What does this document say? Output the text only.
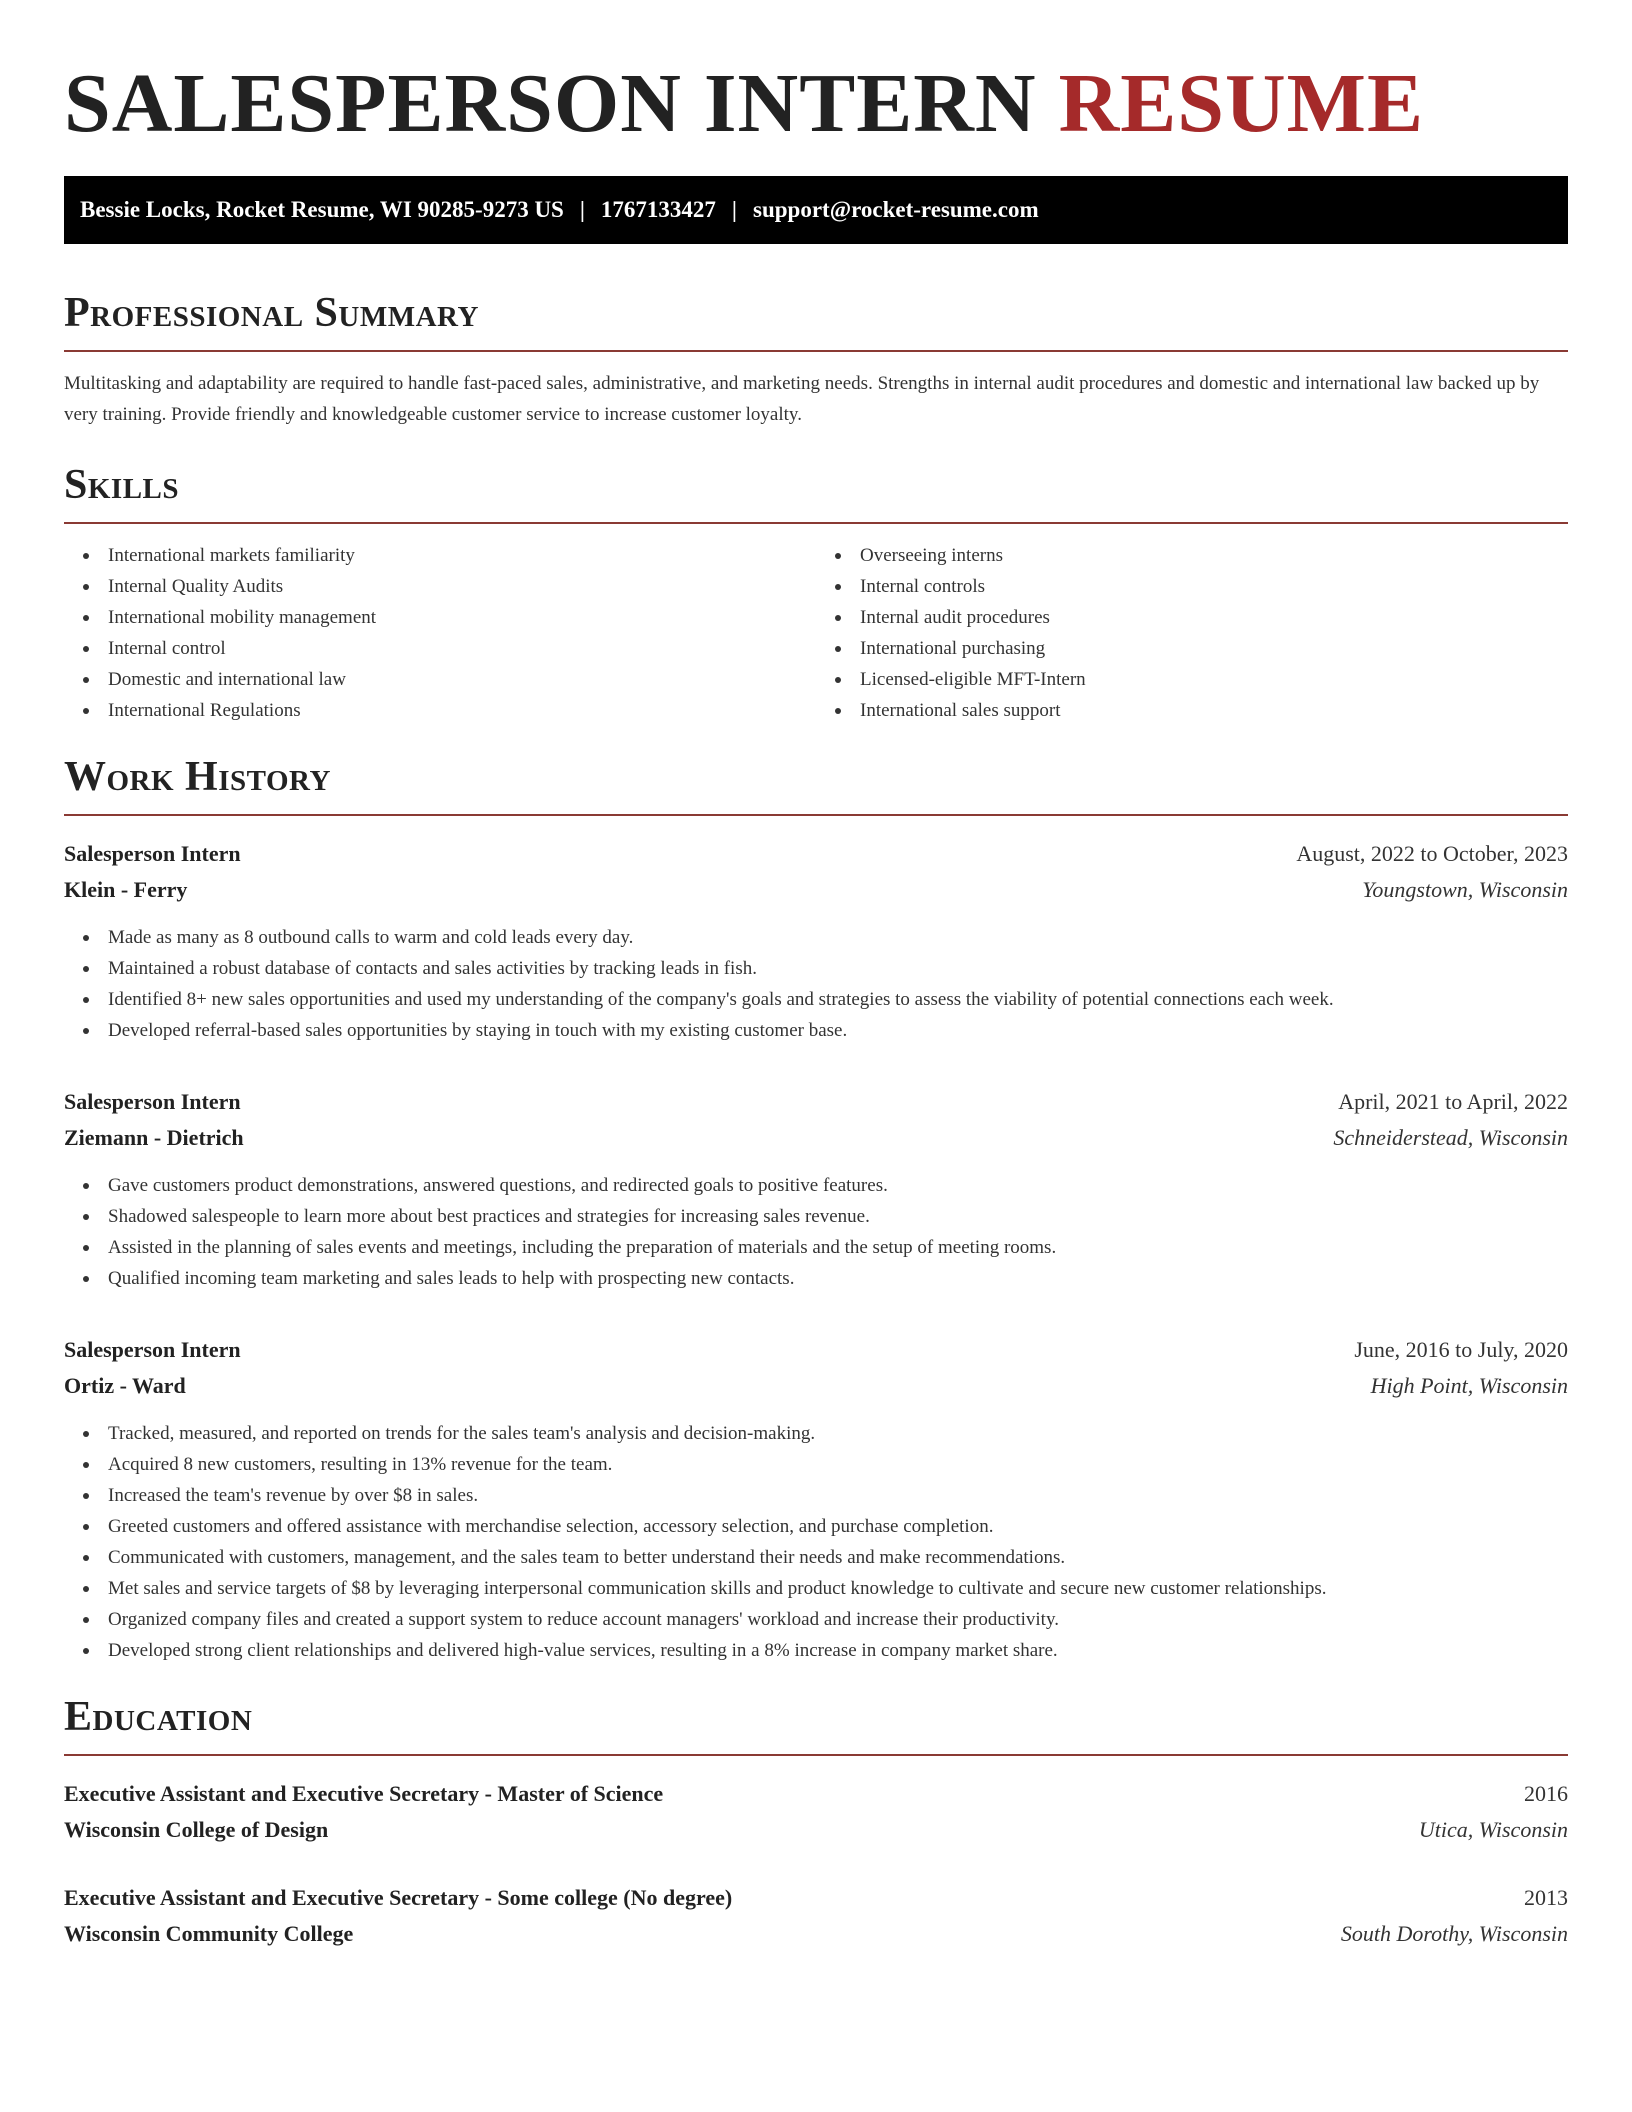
SALESPERSON INTERN RESUME
Bessie Locks, Rocket Resume, WI 90285-9273 US | 1767133427 | support@rocket-resume.com
Professional Summary

Multitasking and adaptability are required to handle fast-paced sales, administrative, and marketing needs. Strengths in internal audit procedures and domestic and international law backed up by very training. Provide friendly and knowledgeable customer service to increase customer loyalty.

Skills
International markets familiarity
Internal Quality Audits
International mobility management
Internal control
Domestic and international law
International Regulations
Overseeing interns
Internal controls
Internal audit procedures
International purchasing
Licensed-eligible MFT-Intern
International sales support
Work History
Salesperson Intern	August, 2022 to October, 2023
Klein - Ferry	Youngstown, Wisconsin
Made as many as 8 outbound calls to warm and cold leads every day.
Maintained a robust database of contacts and sales activities by tracking leads in fish.
Identified 8+ new sales opportunities and used my understanding of the company's goals and strategies to assess the viability of potential connections each week.
Developed referral-based sales opportunities by staying in touch with my existing customer base.
Salesperson Intern	April, 2021 to April, 2022
Ziemann - Dietrich	Schneiderstead, Wisconsin
Gave customers product demonstrations, answered questions, and redirected goals to positive features.
Shadowed salespeople to learn more about best practices and strategies for increasing sales revenue.
Assisted in the planning of sales events and meetings, including the preparation of materials and the setup of meeting rooms.
Qualified incoming team marketing and sales leads to help with prospecting new contacts.
Salesperson Intern	June, 2016 to July, 2020
Ortiz - Ward	High Point, Wisconsin
Tracked, measured, and reported on trends for the sales team's analysis and decision-making.
Acquired 8 new customers, resulting in 13% revenue for the team.
Increased the team's revenue by over $8 in sales.
Greeted customers and offered assistance with merchandise selection, accessory selection, and purchase completion.
Communicated with customers, management, and the sales team to better understand their needs and make recommendations.
Met sales and service targets of $8 by leveraging interpersonal communication skills and product knowledge to cultivate and secure new customer relationships.
Organized company files and created a support system to reduce account managers' workload and increase their productivity.
Developed strong client relationships and delivered high-value services, resulting in a 8% increase in company market share.
Education
Executive Assistant and Executive Secretary - Master of Science	2016
Wisconsin College of Design	Utica, Wisconsin
Executive Assistant and Executive Secretary - Some college (No degree)	2013
Wisconsin Community College	South Dorothy, Wisconsin
